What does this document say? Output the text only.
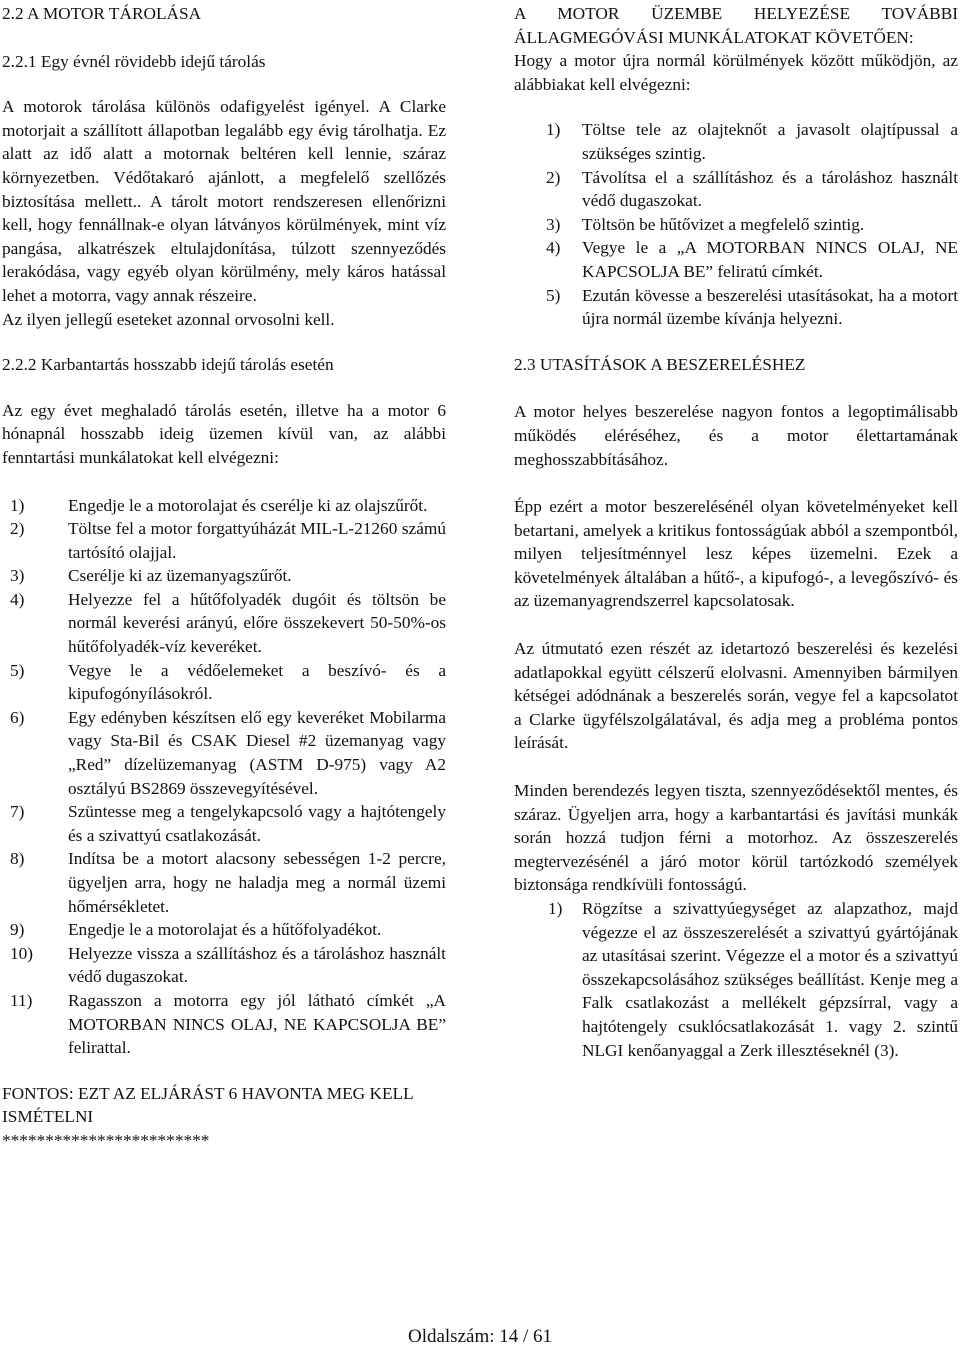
2.2 A MOTOR TÁROLÁSA
2.2.1 Egy évnél rövidebb idejű tárolás

A motorok tárolása különös odafigyelést igényel. A Clarke motorjait a szállított állapotban legalább egy évig tárolhatja. Ez alatt az idő alatt a motornak beltéren kell lennie, száraz környezetben. Védőtakaró ajánlott, a megfelelő szellőzés biztosítása mellett.. A tárolt motort rendszeresen ellenőrizni kell, hogy fennállnak-e olyan látványos körülmények, mint víz pangása, alkatrészek eltulajdonítása, túlzott szennyeződés lerakódása, vagy egyéb olyan körülmény, mely káros hatással lehet a motorra, vagy annak részeire.

Az ilyen jellegű eseteket azonnal orvosolni kell.

2.2.2 Karbantartás hosszabb idejű tárolás esetén

Az egy évet meghaladó tárolás esetén, illetve ha a motor 6 hónapnál hosszabb ideig üzemen kívül van, az alábbi fenntartási munkálatokat kell elvégezni:

1)	Engedje le a motorolajat és cserélje ki az olajszűrőt.
2)	Töltse fel a motor forgattyúházát MIL-L-21260 számú tartósító olajjal.
3)	Cserélje ki az üzemanyagszűrőt.
4)	Helyezze fel a hűtőfolyadék dugóit és töltsön be normál keverési arányú, előre összekevert 50-50%-os hűtőfolyadék-víz keveréket.
5)	Vegye le a védőelemeket a beszívó- és a kipufogónyílásokról.
6)	Egy edényben készítsen elő egy keveréket Mobilarma vagy Sta-Bil és CSAK Diesel #2 üzemanyag vagy „Red” dízelüzemanyag (ASTM D-975) vagy A2 osztályú BS2869 összevegyítésével.
7)	Szüntesse meg a tengelykapcsoló vagy a hajtótengely és a szivattyú csatlakozását.
8)	Indítsa be a motort alacsony sebességen 1-2 percre, ügyeljen arra, hogy ne haladja meg a normál üzemi hőmérsékletet.
9)	Engedje le a motorolajat és a hűtőfolyadékot.
10)	Helyezze vissza a szállításhoz és a tároláshoz használt védő dugaszokat.
11)	Ragasszon a motorra egy jól látható címkét „A MOTORBAN NINCS OLAJ, NE KAPCSOLJA BE” felirattal.

FONTOS: EZT AZ ELJÁRÁST 6 HAVONTA MEG KELL ISMÉTELNI

************************

A MOTOR ÜZEMBE HELYEZÉSE TOVÁBBI ÁLLAGMEGÓVÁSI MUNKÁLATOKAT KÖVETŐEN:

Hogy a motor újra normál körülmények között működjön, az alábbiakat kell elvégezni:

1)	Töltse tele az olajteknőt a javasolt olajtípussal a szükséges szintig.
2)	Távolítsa el a szállításhoz és a tároláshoz használt védő dugaszokat.
3)	Töltsön be hűtővizet a megfelelő szintig.
4)	Vegye le a „A MOTORBAN NINCS OLAJ, NE KAPCSOLJA BE” feliratú címkét.
5)	Ezután kövesse a beszerelési utasításokat, ha a motort újra normál üzembe kívánja helyezni.
2.3 UTASÍTÁSOK A BESZERELÉSHEZ

A motor helyes beszerelése nagyon fontos a legoptimálisabb működés eléréséhez, és a motor élettartamának meghosszabbításához.

Épp ezért a motor beszerelésénél olyan követelményeket kell betartani, amelyek a kritikus fontosságúak abból a szempontból, milyen teljesítménnyel lesz képes üzemelni. Ezek a követelmények általában a hűtő-, a kipufogó-, a levegőszívó- és az üzemanyagrendszerrel kapcsolatosak.

Az útmutató ezen részét az idetartozó beszerelési és kezelési adatlapokkal együtt célszerű elolvasni. Amennyiben bármilyen kétségei adódnának a beszerelés során, vegye fel a kapcsolatot a Clarke ügyfélszolgálatával, és adja meg a probléma pontos leírását.

Minden berendezés legyen tiszta, szennyeződésektől mentes, és száraz. Ügyeljen arra, hogy a karbantartási és javítási munkák során hozzá tudjon férni a motorhoz. Az összeszerelés megtervezésénél a járó motor körül tartózkodó személyek biztonsága rendkívüli fontosságú.

1)	Rögzítse a szivattyúegységet az alapzathoz, majd végezze el az összeszerelését a szivattyú gyártójának az utasításai szerint. Végezze el a motor és a szivattyú összekapcsolásához szükséges beállítást. Kenje meg a Falk csatlakozást a mellékelt gépzsírral, vagy a hajtótengely csuklócsatlakozását 1. vagy 2. szintű NLGI kenőanyaggal a Zerk illesztéseknél (3).
Oldalszám: 14 / 61
